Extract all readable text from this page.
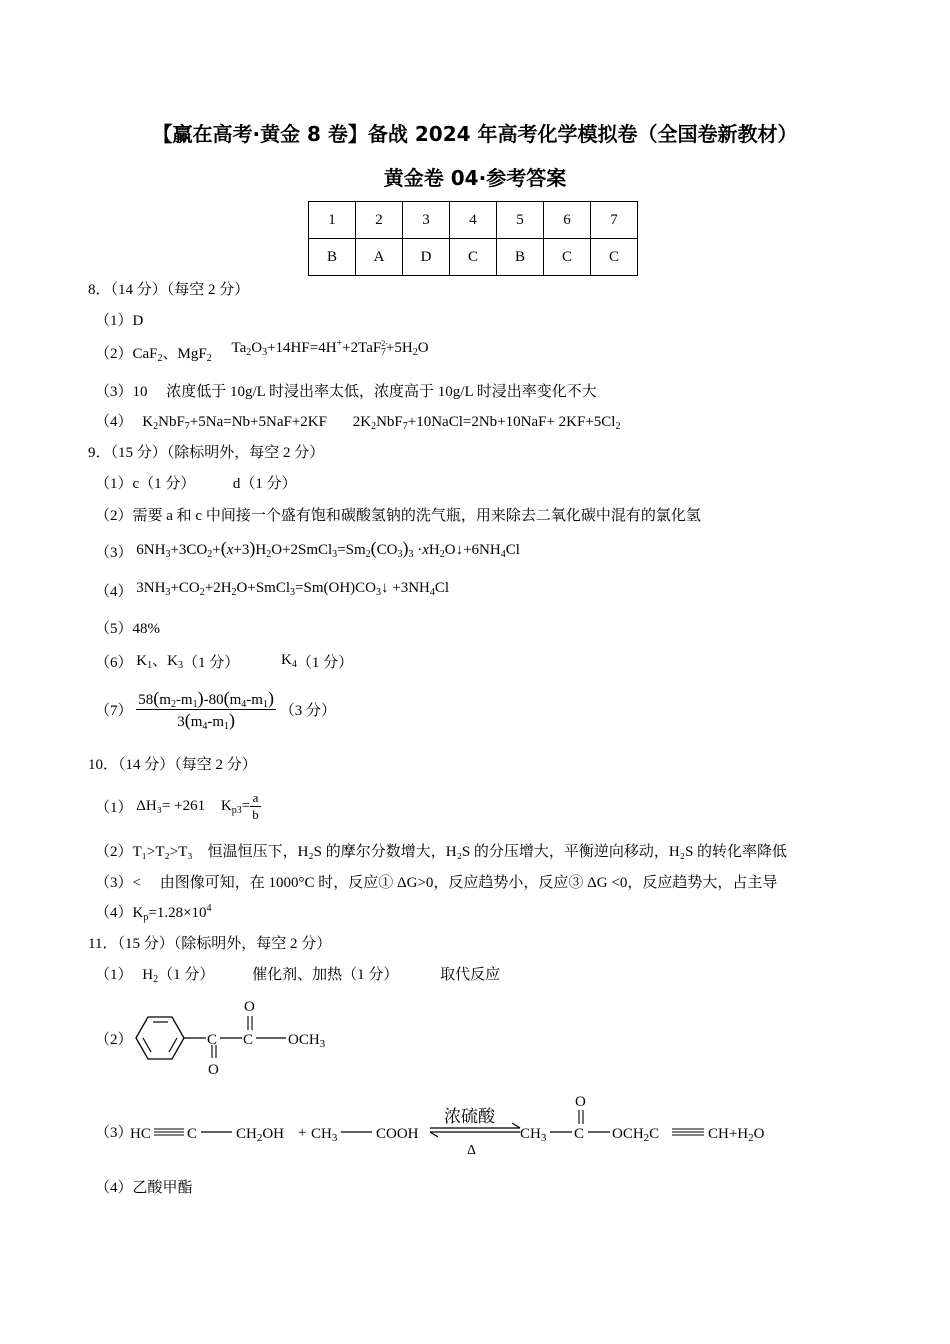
【赢在高考·黄金 8 卷】备战 2024 年高考化学模拟卷（全国卷新教材）
黄金卷 04·参考答案
1	2	3	4	5	6	7
B	A	D	C	B	C	C
8．（14 分）（每空 2 分）
（1）D
（2）CaF$_2$、MgF$_2$ $Ta_2O_3+14HF=4H^++2TaF^{2-}_7+5H_2O$
（3）10　 浓度低于 10g/L 时浸出率太低，浓度高于 10g/L 时浸出率变化不大
（4） $K_2NbF_7+5Na=Nb+5NaF+2KF$ $2K_2NbF_7+10NaCl=2Nb+10NaF+ 2KF+5Cl_2$
9．（15 分）（除标明外，每空 2 分）
（1）c（1 分）　　　d（1 分）
（2）需要 a 和 c 中间接一个盛有饱和碳酸氢钠的洗气瓶，用来除去二氧化碳中混有的氯化氢
（3） $6NH_3+3CO_2+(x+3)H_2O+2SmCl_3=Sm_2(CO_3)_3$ $\cdot xH_2O↓+6NH_4Cl$
（4） $3NH_3+CO_2+2H_2O+SmCl_3=Sm(OH)CO_3↓ +3NH_4Cl$
（5）48%
（6） $K_1$、$K_3(1$ 分）	$K_4(1$ 分）
$(7) \frac{58(m_2-m_1)-80(m_4-m_1)}{3(m_4-m_1)} (3$ 分）
10．（14 分）（每空 2 分）
（1） ΔH₃= +261 $K_{p3}= \frac{a}{b}$
（2）T₁>T₂>T₃　恒温恒压下，H₂S 的摩尔分数增大，H₂S 的分压增大，平衡逆向移动，H₂S 的转化率降低
（3）<　 由图像可知，在 1000°C 时，反应① ΔG>0，反应趋势小，反应③ ΔG <0，反应趋势大，占主导
$(4)K_p=1.28\times 10^4$
11．（15 分）（除标明外，每空 2 分）
（1） $H_2(1$ 分）	催化剂、加热（1 分）	取代反应
（2）	C
O
C
O
$OCH_3$
（3）
HC C	$CH_2OH + CH_3$	COOH
浓硫酸
Δ
$CH_3$ C
O
$OCH_2C$	$CH+H_2O$
（4）乙酸甲酯
